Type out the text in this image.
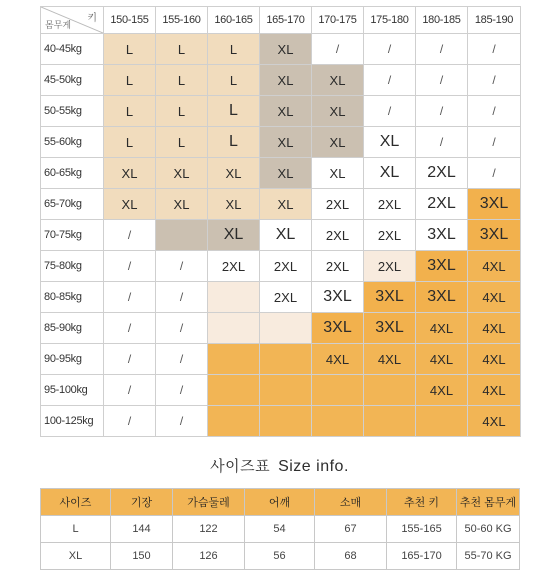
키
몸무게	150-155	155-160	160-165	165-170	170-175	175-180	180-185	185-190
40-45kg	L	L	L	XL	/	/	/	/
45-50kg	L	L	L	XL	XL	/	/	/
50-55kg	L	L	L	XL	XL	/	/	/
55-60kg	L	L	L	XL	XL	XL	/	/
60-65kg	XL	XL	XL	XL	XL	XL	2XL	/
65-70kg	XL	XL	XL	XL	2XL	2XL	2XL	3XL
70-75kg	/		XL	XL	2XL	2XL	3XL	3XL
75-80kg	/	/	2XL	2XL	2XL	2XL	3XL	4XL
80-85kg	/	/		2XL	3XL	3XL	3XL	4XL
85-90kg	/	/			3XL	3XL	4XL	4XL
90-95kg	/	/			4XL	4XL	4XL	4XL
95-100kg	/	/					4XL	4XL
100-125kg	/	/						4XL
사이즈표 Size info.
사이즈	기장	가슴둘레	어깨	소매	추천 키	추천 몸무게
L	144	122	54	67	155-165	50-60 KG
XL	150	126	56	68	165-170	55-70 KG
